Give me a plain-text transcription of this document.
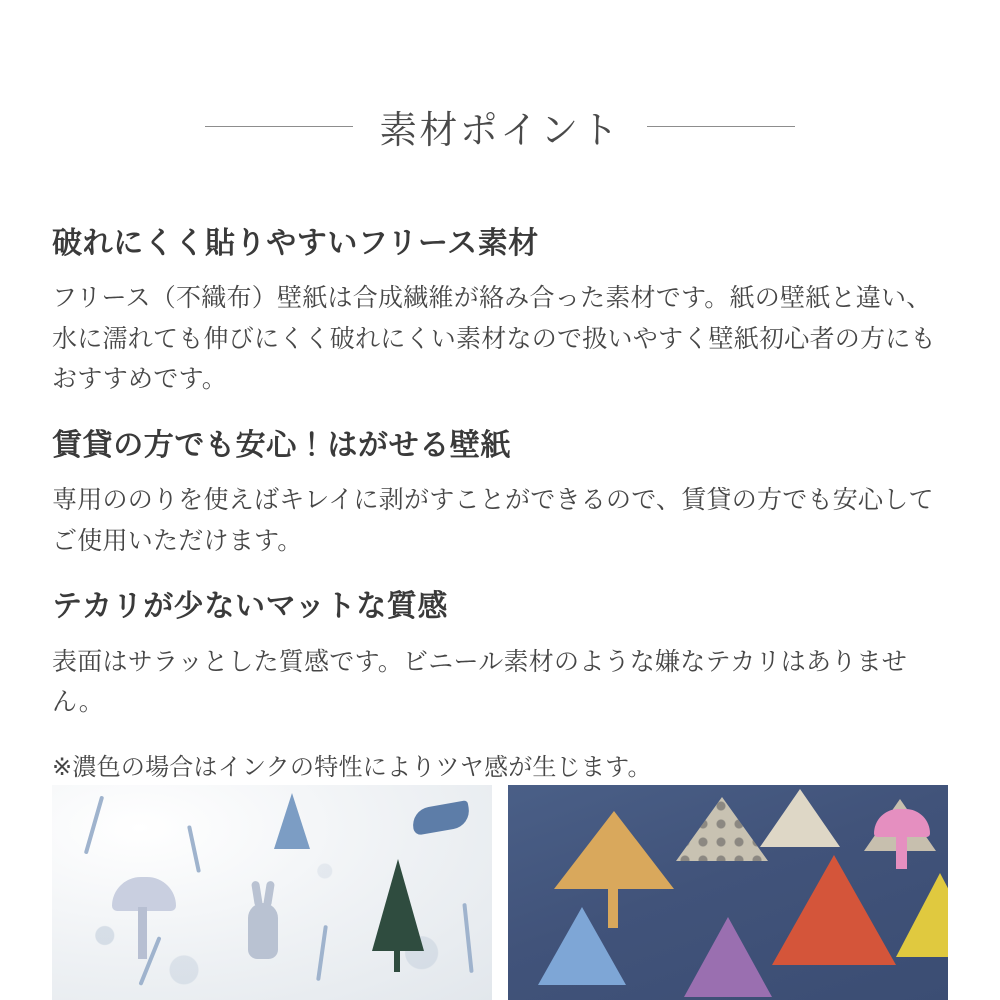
素材ポイント
破れにくく貼りやすいフリース素材

フリース（不織布）壁紙は合成繊維が絡み合った素材です。紙の壁紙と違い、水に濡れても伸びにくく破れにくい素材なので扱いやすく壁紙初心者の方にもおすすめです。

賃貸の方でも安心！はがせる壁紙

専用ののりを使えばキレイに剥がすことができるので、賃貸の方でも安心してご使用いただけます。

テカリが少ないマットな質感

表面はサラッとした質感です。ビニール素材のような嫌なテカリはありません。

※濃色の場合はインクの特性によりツヤ感が生じます。
